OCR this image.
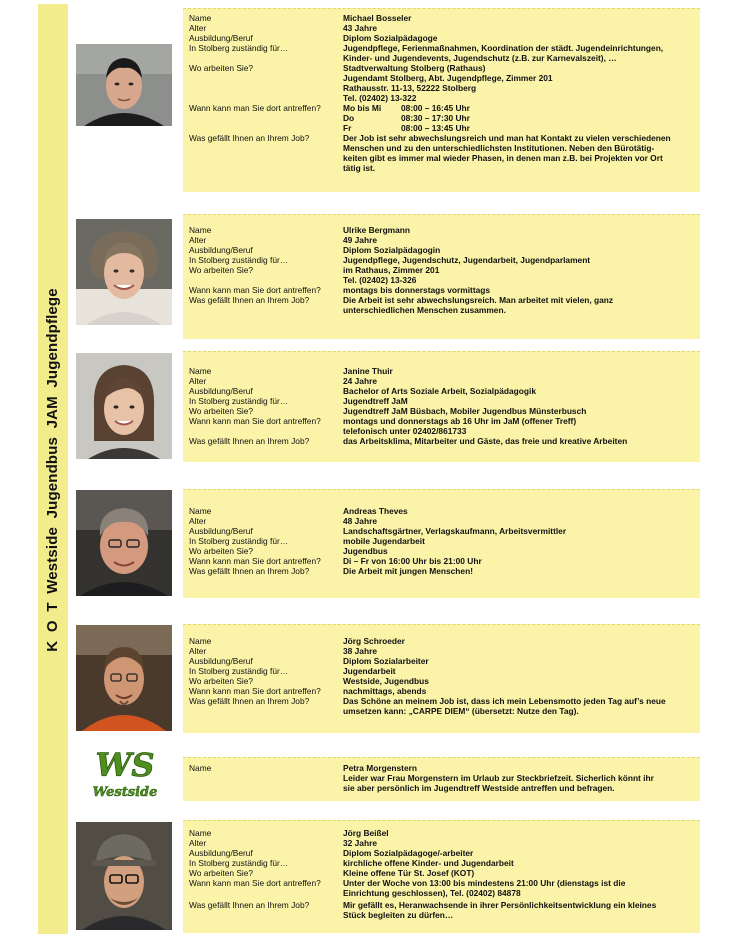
K  O  T  Westside  Jugendbus  JAM  Jugendpflege
Name	Michael Bosseler
Alter	43 Jahre
Ausbildung/Beruf	Diplom Sozialpädagoge
In Stolberg zuständig für…	Jugendpflege, Ferienmaßnahmen, Koordination der städt. Jugendeinrichtungen,
Kinder- und Jugendevents, Jugendschutz (z.B. zur Karnevalszeit), …
Wo arbeiten Sie?	Stadtverwaltung Stolberg (Rathaus)
Jugendamt Stolberg, Abt. Jugendpflege, Zimmer 201
Rathausstr. 11-13, 52222 Stolberg
Tel. (02402) 13-322
Wann kann man Sie dort antreffen?	Mo bis Mi 08:00 – 16:45 Uhr
Do	08:30 – 17:30 Uhr
Fr	08:00 – 13:45 Uhr
Was gefällt Ihnen an Ihrem Job?	Der Job ist sehr abwechslungsreich und man hat Kontakt zu vielen verschiedenen
Menschen und zu den unterschiedlichsten Institutionen. Neben den Bürotätig-
keiten gibt es immer mal wieder Phasen, in denen man z.B. bei Projekten vor Ort
tätig ist.
Name	Ulrike Bergmann
Alter	49 Jahre
Ausbildung/Beruf	Diplom Sozialpädagogin
In Stolberg zuständig für…	Jugendpflege, Jugendschutz, Jugendarbeit, Jugendparlament
Wo arbeiten Sie?	im Rathaus, Zimmer 201
Tel. (02402) 13-326
Wann kann man Sie dort antreffen?	montags bis donnerstags vormittags
Was gefällt Ihnen an Ihrem Job?	Die Arbeit ist sehr abwechslungsreich. Man arbeitet mit vielen, ganz
unterschiedlichen Menschen zusammen.
Name	Janine Thuir
Alter	24 Jahre
Ausbildung/Beruf	Bachelor of Arts Soziale Arbeit, Sozialpädagogik
In Stolberg zuständig für…	Jugendtreff JaM
Wo arbeiten Sie?	Jugendtreff JaM Büsbach, Mobiler Jugendbus Münsterbusch
Wann kann man Sie dort antreffen?	montags und donnerstags ab 16 Uhr im JaM (offener Treff)
telefonisch unter 02402/861733
Was gefällt Ihnen an Ihrem Job?	das Arbeitsklima, Mitarbeiter und Gäste, das freie und kreative Arbeiten
Name	Andreas Theves
Alter	48 Jahre
Ausbildung/Beruf	Landschaftsgärtner, Verlagskaufmann, Arbeitsvermittler
In Stolberg zuständig für…	mobile Jugendarbeit
Wo arbeiten Sie?	Jugendbus
Wann kann man Sie dort antreffen?	Di – Fr von 16:00 Uhr bis 21:00 Uhr
Was gefällt Ihnen an Ihrem Job?	Die Arbeit mit jungen Menschen!
Name	Jörg Schroeder
Alter	38 Jahre
Ausbildung/Beruf	Diplom Sozialarbeiter
In Stolberg zuständig für…	Jugendarbeit
Wo arbeiten Sie?	Westside, Jugendbus
Wann kann man Sie dort antreffen?	nachmittags, abends
Was gefällt Ihnen an Ihrem Job?	Das Schöne an meinem Job ist, dass ich mein Lebensmotto jeden Tag auf’s neue
umsetzen kann: „CARPE DIEM“ (übersetzt: Nutze den Tag).
Name	Petra Morgenstern
Leider war Frau Morgenstern im Urlaub zur Steckbriefzeit. Sicherlich könnt ihr
sie aber persönlich im Jugendtreff Westside antreffen und befragen.
Name	Jörg Beißel
Alter	32 Jahre
Ausbildung/Beruf	Diplom Sozialpädagoge/-arbeiter
In Stolberg zuständig für…	kirchliche offene Kinder- und Jugendarbeit
Wo arbeiten Sie?	Kleine offene Tür St. Josef (KOT)
Wann kann man Sie dort antreffen?	Unter der Woche von 13:00 bis mindestens 21:00 Uhr (dienstags ist die
Einrichtung geschlossen), Tel. (02402) 84878
Was gefällt Ihnen an Ihrem Job?	Mir gefällt es, Heranwachsende in ihrer Persönlichkeitsentwicklung ein kleines
Stück begleiten zu dürfen…
WS
Westside
